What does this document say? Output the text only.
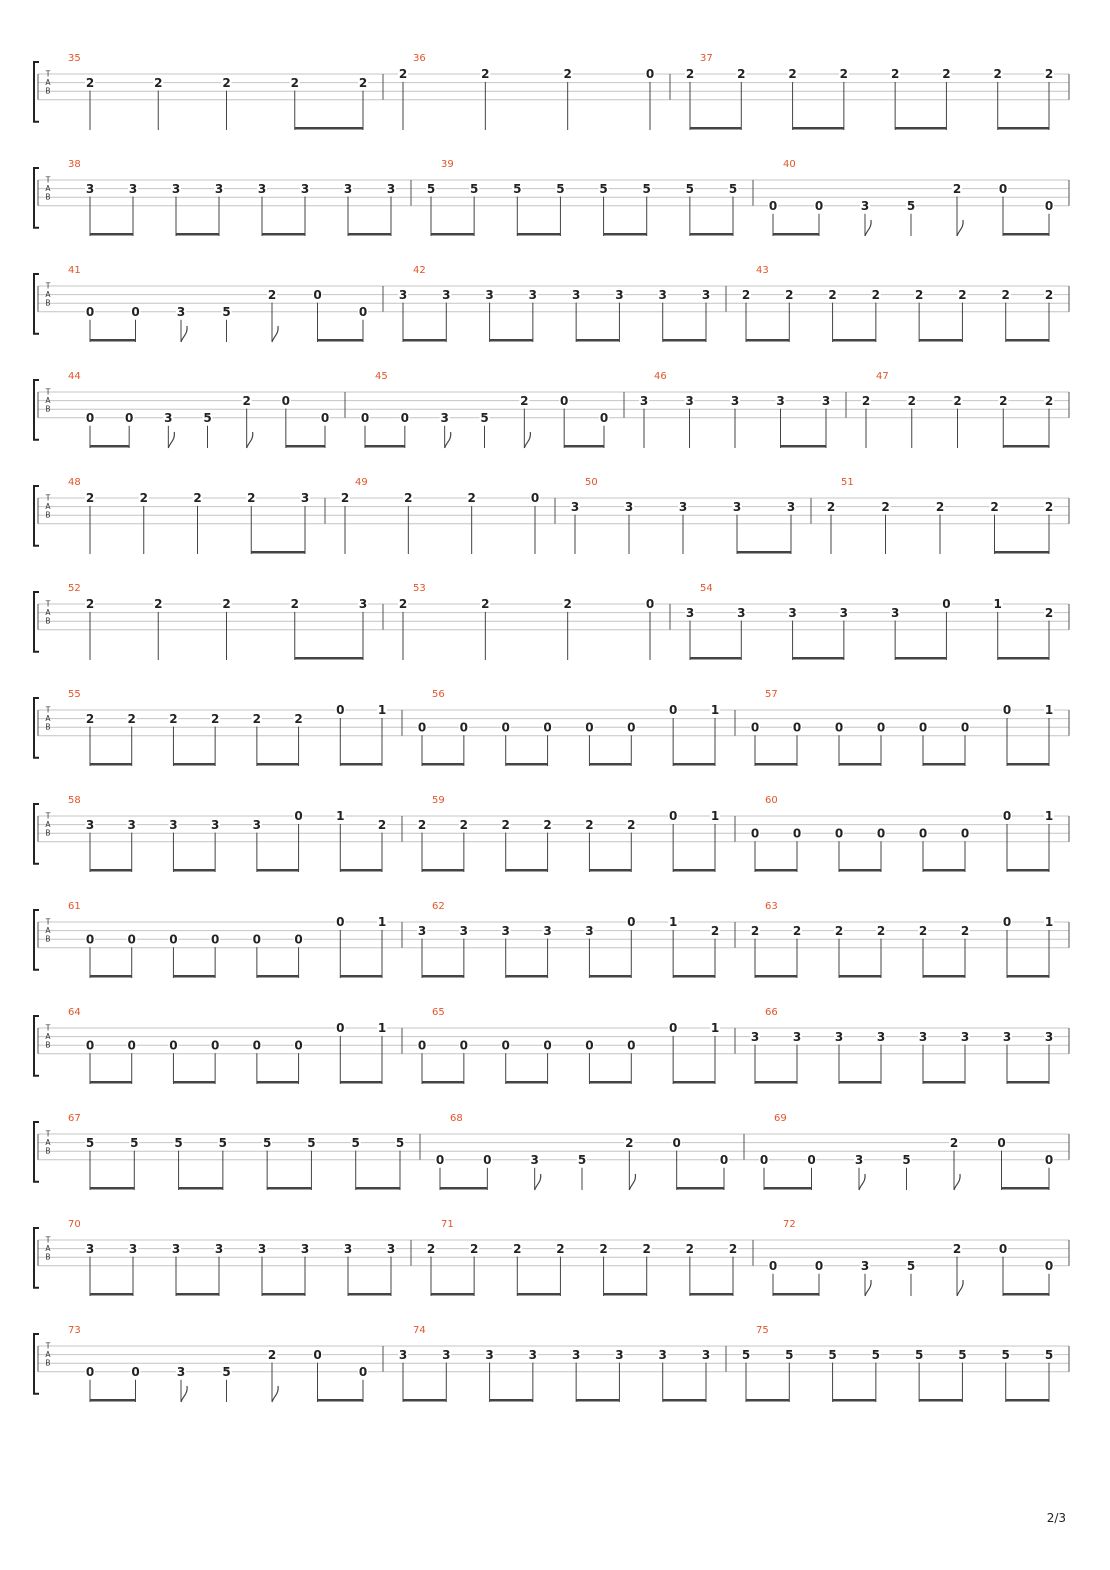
T
A
B
35
2	2	2	2	2
36
2	2	2	0
37
2	2	2	2	2	2	2	2
T
A
B
38
3	3	3	3	3	3	3	3
39
5	5	5	5	5	5	5	5
40
0	0	3	5
2	0
0
T
A
B
41
0	0	3	5
2	0
0
42
3	3	3	3	3	3	3	3
43
2	2	2	2	2	2	2	2
T
A
B
44
0	0	3	5
2	0
0
45
0	0	3	5
2	0
0
46
3	3	3	3	3
47
2	2	2	2	2
T
A
B
48
2	2	2	2	3
49
2	2	2	0
50
3	3	3	3	3
51
2	2	2	2	2
T
A
B
52
2	2	2	2	3
53
2	2	2	0
54
3	3	3	3	3
0	1
2
T
A
B
55
2	2	2	2	2	2
0	1
56
0	0	0	0	0	0
0	1
57
0	0	0	0	0	0
0	1
T
A
B
58
3	3	3	3	3
0	1
2
59
2	2	2	2	2	2
0	1
60
0	0	0	0	0	0
0	1
T
A
B
61
0	0	0	0	0	0
0	1
62
3	3	3	3	3
0	1
2
63
2	2	2	2	2	2
0	1
T
A
B
64
0	0	0	0	0	0
0	1
65
0	0	0	0	0	0
0	1
66
3	3	3	3	3	3	3	3
T
A
B
67
5	5	5	5	5	5	5	5
68
0	0	3	5
2	0
0
69
0	0	3	5
2	0
0
T
A
B
70
3	3	3	3	3	3	3	3
71
2	2	2	2	2	2	2	2
72
0	0	3	5
2	0
0
T
A
B
73
0	0	3	5
2	0
0
74
3	3	3	3	3	3	3	3
75
5	5	5	5	5	5	5	5
2/3
